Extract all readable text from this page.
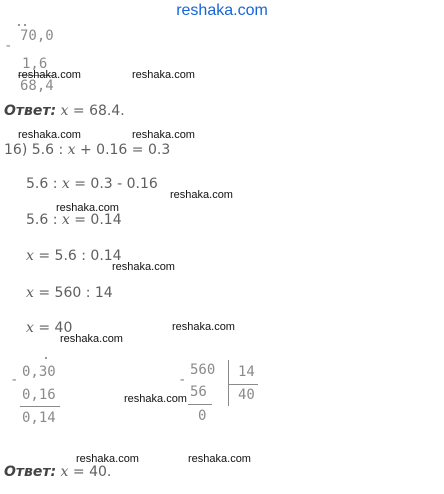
reshaka.com
-
70,0
1,6
68,4
Ответ: x = 68.4.
16) 5.6 : x + 0.16 = 0.3
5.6 : x = 0.3 - 0.16
5.6 : x = 0.14
x = 5.6 : 0.14
x = 560 : 14
x = 40
- 0,30
0,16
0,14
-
560 14
56 40
0
Ответ: x = 40.
reshaka.com	reshaka.com
reshaka.com	reshaka.com
reshaka.com
reshaka.com
reshaka.com
reshaka.com
reshaka.com
reshaka.com
reshaka.com	reshaka.com
